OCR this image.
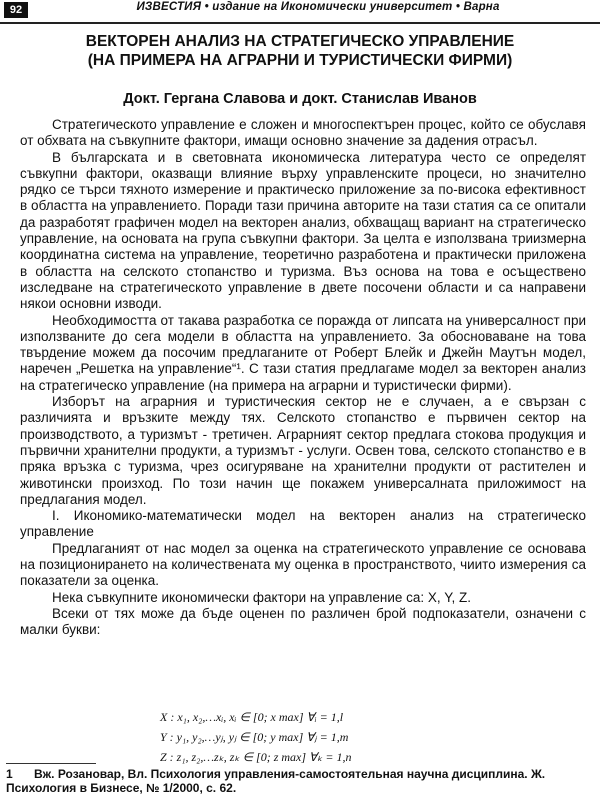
92	ИЗВЕСТИЯ • издание на Икономически университет • Варна
ВЕКТОРЕН АНАЛИЗ НА СТРАТЕГИЧЕСКО УПРАВЛЕНИЕ
(НА ПРИМЕРА НА АГРАРНИ И ТУРИСТИЧЕСКИ ФИРМИ)
Докт. Гергана Славова и докт. Станислав Иванов

Стратегическото управление е сложен и многоспектърен процес, който се обуславя от обхвата на съвкупните фактори, имащи основно значение за дадения отрасъл.

В българската и в световната икономическа литература често се определят съвкупни фактори, оказващи влияние върху управленските процеси, но значително рядко се търси тяхното измерение и практическо приложение за по-висока ефективност в областта на управлението. Поради тази причина авторите на тази статия са се опитали да разработят графичен модел на векторен анализ, обхващащ вариант на стратегическо управление, на основата на група съвкупни фактори. За целта е използвана триизмерна координатна система на управление, теоретично разработена и практически приложена в областта на селското стопанство и туризма. Въз основа на това е осъществено изследване на стратегическото управление в двете посочени области и са направени някои основни изводи.

Необходимостта от такава разработка се поражда от липсата на универсалност при използваните до сега модели в областта на управлението. За обосноваване на това твърдение можем да посочим предлаганите от Роберт Блейк и Джейн Маутън модел, наречен „Решетка на управление“¹. С тази статия предлагаме модел за векторен анализ на стратегическо управление (на примера на аграрни и туристически фирми).

Изборът на аграрния и туристическия сектор не е случаен, а е свързан с различията и връзките между тях. Селското стопанство е първичен сектор на производството, а туризмът - третичен. Аграрният сектор предлага стокова продукция и първични хранителни продукти, а туризмът - услуги. Освен това, селското стопанство е в пряка връзка с туризма, чрез осигуряване на хранителни продукти от растителен и животински произход. По този начин ще покажем универсалната приложимост на предлагания модел.

I. Икономико-математически модел на векторен анализ на стратегическо управление

Предлаганият от нас модел за оценка на стратегическото управление се основава на позиционирането на количествената му оценка в пространството, чиито измерения са показатели за оценка.

Нека съвкупните икономически фактори на управление са: X, Y, Z.

Всеки от тях може да бъде оценен по различен брой подпоказатели, означени с малки букви:

X : x₁, x₂,…xᵢ, xᵢ ∈ [0; x max] ∀ᵢ = 1,l
Y : y₁, y₂,…yⱼ, yⱼ ∈ [0; y max] ∀ⱼ = 1,m
Z : z₁, z₂,…zₖ, zₖ ∈ [0; z max] ∀ₖ = 1,n
1 Вж. Розановар, Вл. Психология управления-самостоятельная научна дисциплина. Ж. Психология в Бизнесе, № 1/2000, с. 62.
